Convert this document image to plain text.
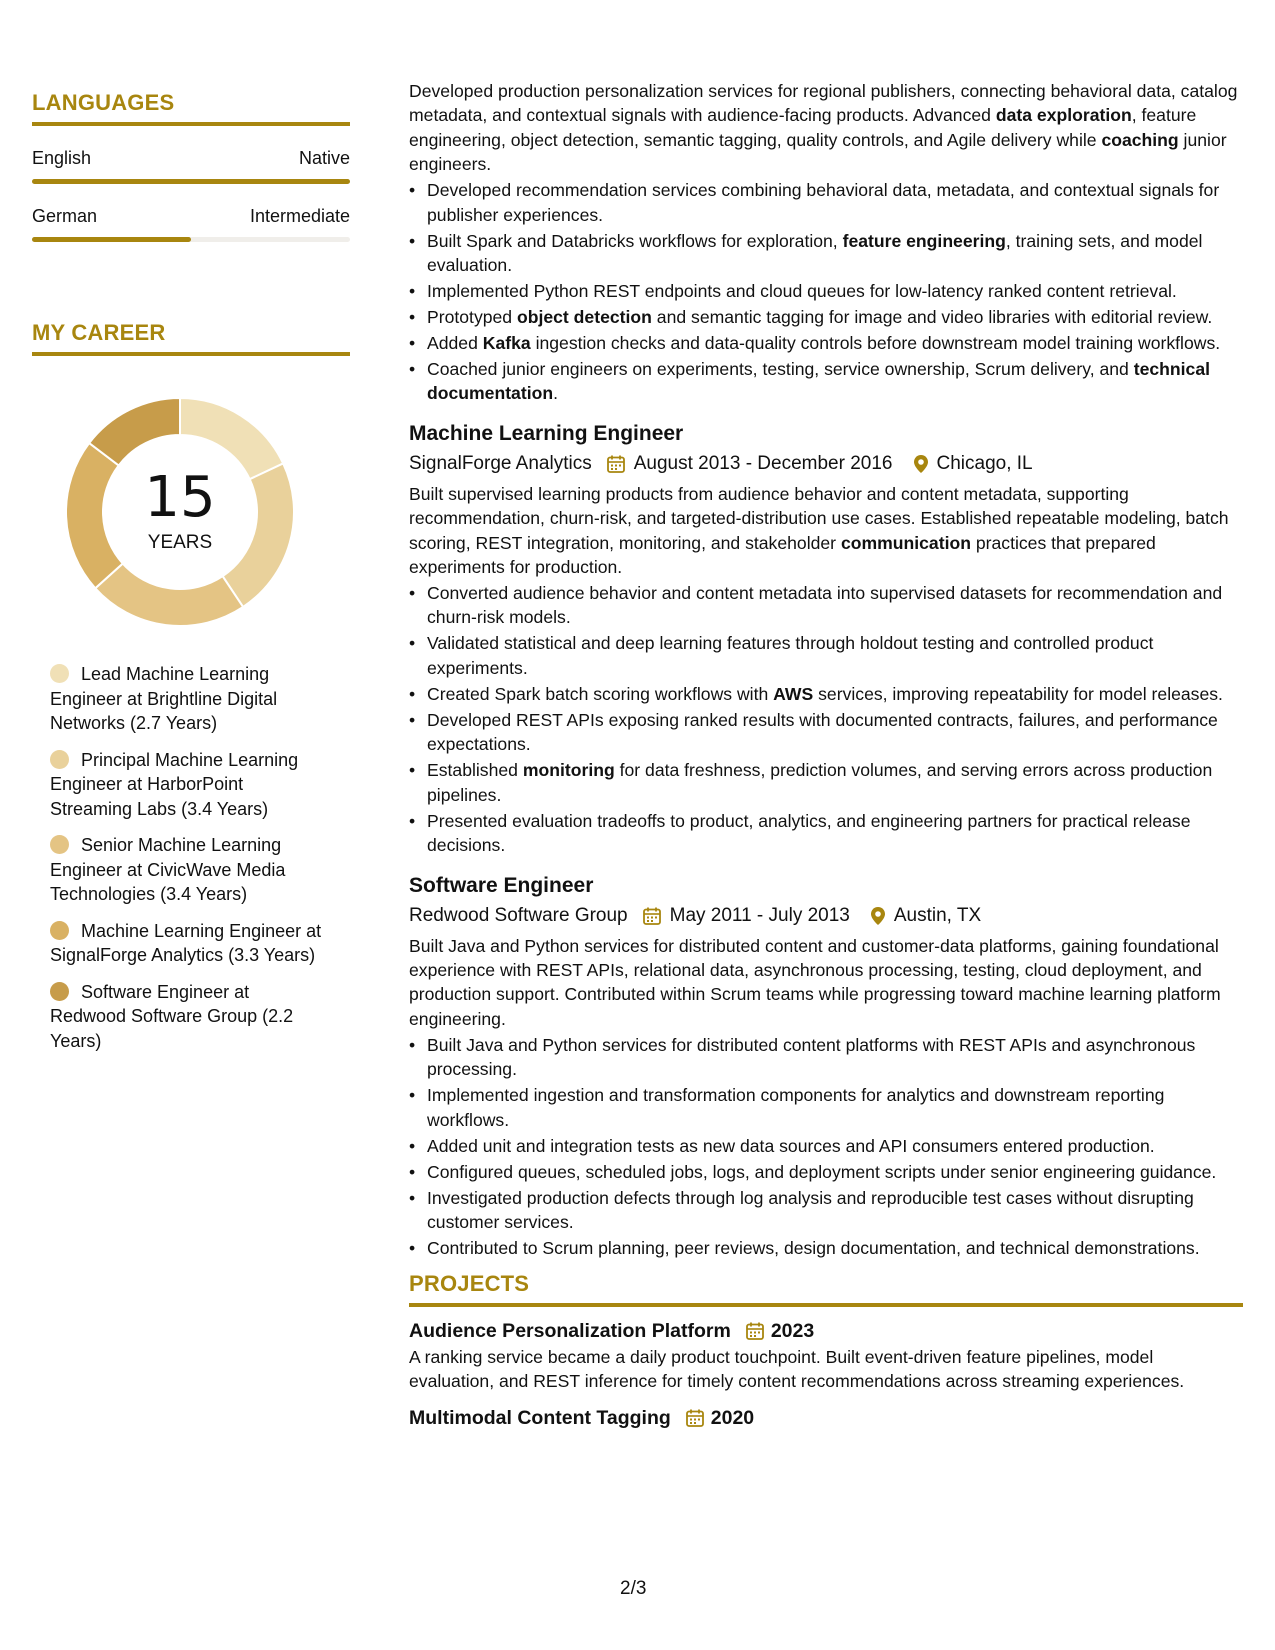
LANGUAGES
English	Native
German	Intermediate
MY CAREER
15
YEARS
Lead Machine Learning Engineer at Brightline Digital Networks (2.7 Years)
Principal Machine Learning Engineer at HarborPoint Streaming Labs (3.4 Years)
Senior Machine Learning Engineer at CivicWave Media Technologies (3.4 Years)
Machine Learning Engineer at SignalForge Analytics (3.3 Years)
Software Engineer at Redwood Software Group (2.2 Years)

Developed production personalization services for regional publishers, connecting behavioral data, catalog metadata, and contextual signals with audience-facing products. Advanced data exploration, feature engineering, object detection, semantic tagging, quality controls, and Agile delivery while coaching junior engineers.

• Developed recommendation services combining behavioral data, metadata, and contextual signals for publisher experiences.
• Built Spark and Databricks workflows for exploration, feature engineering, training sets, and model evaluation.
• Implemented Python REST endpoints and cloud queues for low-latency ranked content retrieval.
• Prototyped object detection and semantic tagging for image and video libraries with editorial review.
• Added Kafka ingestion checks and data-quality controls before downstream model training workflows.
• Coached junior engineers on experiments, testing, service ownership, Scrum delivery, and technical documentation.
Machine Learning Engineer
SignalForge Analytics August 2013 - December 2016 Chicago, IL

Built supervised learning products from audience behavior and content metadata, supporting recommendation, churn-risk, and targeted-distribution use cases. Established repeatable modeling, batch scoring, REST integration, monitoring, and stakeholder communication practices that prepared experiments for production.

• Converted audience behavior and content metadata into supervised datasets for recommendation and churn-risk models.
• Validated statistical and deep learning features through holdout testing and controlled product experiments.
• Created Spark batch scoring workflows with AWS services, improving repeatability for model releases.
• Developed REST APIs exposing ranked results with documented contracts, failures, and performance expectations.
• Established monitoring for data freshness, prediction volumes, and serving errors across production pipelines.
• Presented evaluation tradeoffs to product, analytics, and engineering partners for practical release decisions.
Software Engineer
Redwood Software Group May 2011 - July 2013 Austin, TX

Built Java and Python services for distributed content and customer-data platforms, gaining foundational experience with REST APIs, relational data, asynchronous processing, testing, cloud deployment, and production support. Contributed within Scrum teams while progressing toward machine learning platform engineering.

• Built Java and Python services for distributed content platforms with REST APIs and asynchronous processing.
• Implemented ingestion and transformation components for analytics and downstream reporting workflows.
• Added unit and integration tests as new data sources and API consumers entered production.
• Configured queues, scheduled jobs, logs, and deployment scripts under senior engineering guidance.
• Investigated production defects through log analysis and reproducible test cases without disrupting customer services.
• Contributed to Scrum planning, peer reviews, design documentation, and technical demonstrations.
PROJECTS
Audience Personalization Platform 2023

A ranking service became a daily product touchpoint. Built event-driven feature pipelines, model evaluation, and REST inference for timely content recommendations across streaming experiences.

Multimodal Content Tagging 2020
2/3
